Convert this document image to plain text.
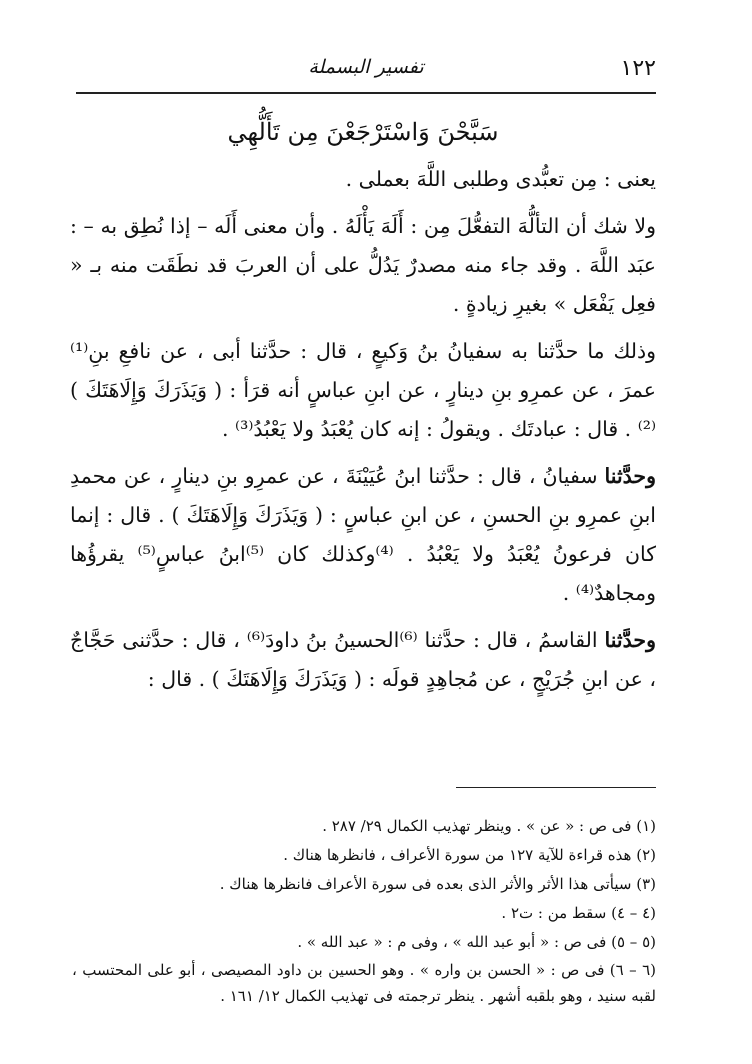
١٢٢
تفسير البسملة
سَبَّحْنَ وَاسْتَرْجَعْنَ مِن تَأَلُّهِي

يعنى : مِن تعبُّدى وطلبى اللَّهَ بعملى .

ولا شك أن التألُّهَ التفعُّلَ مِن : أَلَهَ يَأْلَهُ . وأن معنى أَلَه – إذا نُطِق به – : عبَد اللَّهَ . وقد جاء منه مصدرٌ يَدُلُّ على أن العربَ قد نطَقَت منه بـ « فعِل يَفْعَل » بغيرِ زيادةٍ .

وذلك ما حدَّثنا به سفيانُ بنُ وَكيعٍ ، قال : حدَّثنا أبى ، عن نافعِ بنِ⁽¹⁾ عمرَ ، عن عمرِو بنِ دينارٍ ، عن ابنِ عباسٍ أنه قرَأ : ( وَيَذَرَكَ وَإِلَاهَتَكَ )⁽²⁾ . قال : عبادتَك . ويقولُ : إنه كان يُعْبَدُ ولا يَعْبُدُ⁽³⁾ .

وحدَّثنا سفيانُ ، قال : حدَّثنا ابنُ عُيَيْنَةَ ، عن عمرِو بنِ دينارٍ ، عن محمدِ ابنِ عمرِو بنِ الحسنِ ، عن ابنِ عباسٍ : ( وَيَذَرَكَ وَإِلَاهَتَكَ ) . قال : إنما كان فرعونُ يُعْبَدُ ولا يَعْبُدُ . ⁽⁴⁾وكذلك كان ⁽⁵⁾ابنُ عباسٍ⁽⁵⁾ يقرؤُها ومجاهدٌ⁽⁴⁾ .

وحدَّثنا القاسمُ ، قال : حدَّثنا ⁽⁶⁾الحسينُ بنُ داودَ⁽⁶⁾ ، قال : حدَّثنى حَجَّاجٌ ، عن ابنِ جُرَيْجٍ ، عن مُجاهِدٍ قولَه : ( وَيَذَرَكَ وَإِلَاهَتَكَ ) . قال :

(١) فى ص : « عن » . وينظر تهذيب الكمال ٢٩/ ٢٨٧ .
(٢) هذه قراءة للآية ١٢٧ من سورة الأعراف ، فانظرها هناك .
(٣) سيأتى هذا الأثر والأثر الذى بعده فى سورة الأعراف فانظرها هناك .
(٤ – ٤) سقط من : ت٢ .
(٥ – ٥) فى ص : « أبو عبد الله » ، وفى م : « عبد الله » .
(٦ – ٦) فى ص : « الحسن بن واره » . وهو الحسين بن داود المصيصى ، أبو على المحتسب ، لقبه سنيد ، وهو بلقبه أشهر . ينظر ترجمته فى تهذيب الكمال ١٢/ ١٦١ .
